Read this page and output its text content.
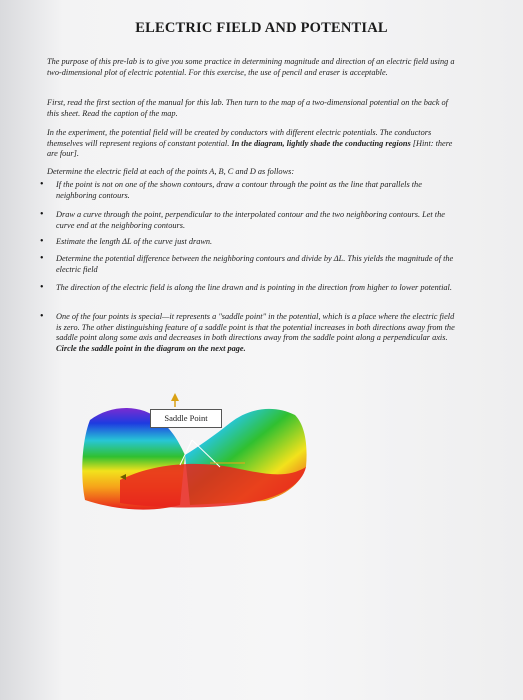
ELECTRIC FIELD AND POTENTIAL
The purpose of this pre-lab is to give you some practice in determining magnitude and direction of an electric field using a two-dimensional plot of electric potential. For this exercise, the use of pencil and eraser is acceptable.
First, read the first section of the manual for this lab. Then turn to the map of a two-dimensional potential on the back of this sheet. Read the caption of the map.
In the experiment, the potential field will be created by conductors with different electric potentials. The conductors themselves will represent regions of constant potential. In the diagram, lightly shade the conducting regions [Hint: there are four].
Determine the electric field at each of the points A, B, C and D as follows:
• If the point is not on one of the shown contours, draw a contour through the point as the line that parallels the neighboring contours.
• Draw a curve through the point, perpendicular to the interpolated contour and the two neighboring contours. Let the curve end at the neighboring contours.
• Estimate the length ΔL of the curve just drawn.
• Determine the potential difference between the neighboring contours and divide by ΔL. This yields the magnitude of the electric field
• The direction of the electric field is along the line drawn and is pointing in the direction from higher to lower potential.
• One of the four points is special—it represents a "saddle point" in the potential, which is a place where the electric field is zero. The other distinguishing feature of a saddle point is that the potential increases in both directions away from the saddle point along some axis and decreases in both directions away from the saddle point along a perpendicular axis. Circle the saddle point in the diagram on the next page.
Saddle Point
